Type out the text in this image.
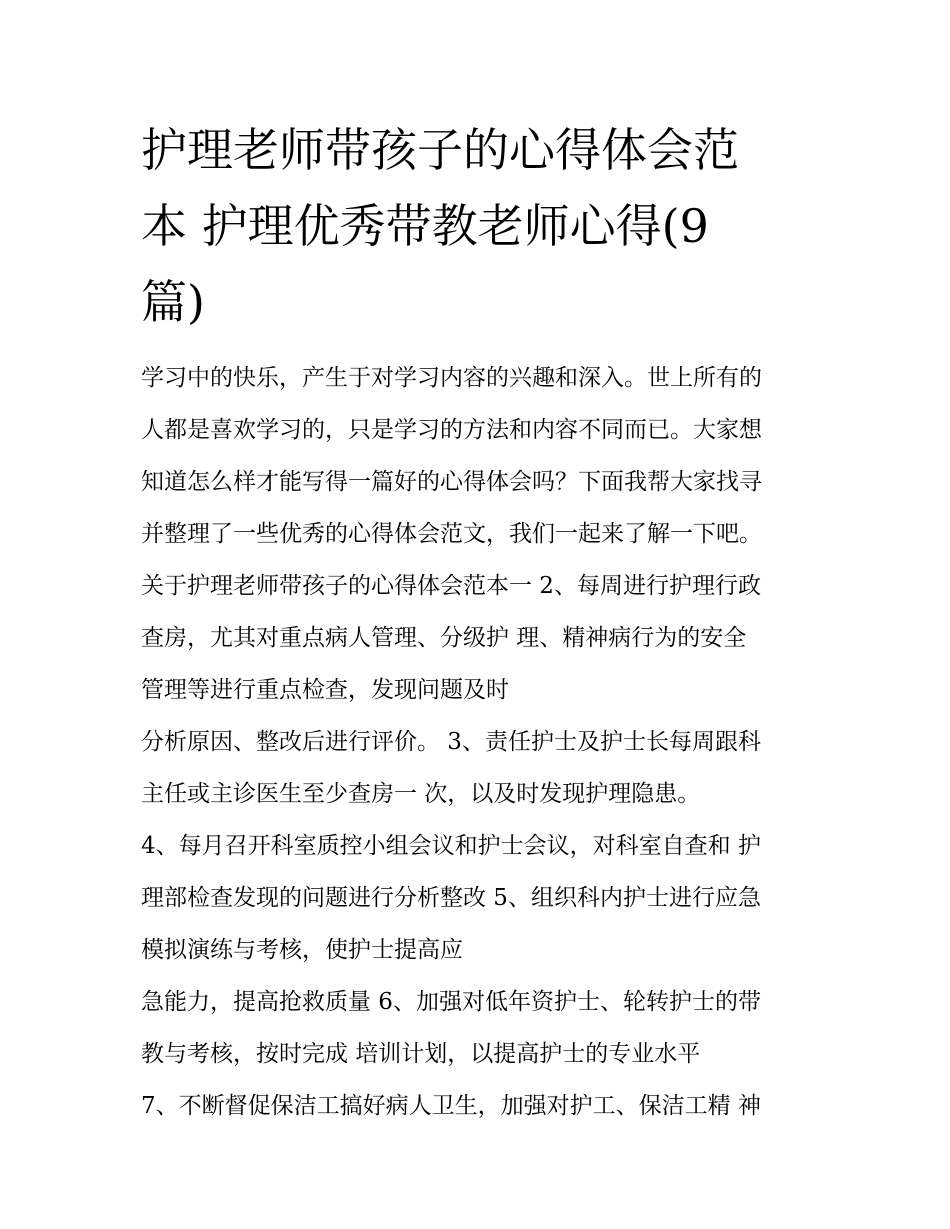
护理老师带孩子的心得体会范
本 护理优秀带教老师心得(9
篇)
学习中的快乐，产生于对学习内容的兴趣和深入。世上所有的
人都是喜欢学习的，只是学习的方法和内容不同而已。大家想
知道怎么样才能写得一篇好的心得体会吗？下面我帮大家找寻
并整理了一些优秀的心得体会范文，我们一起来了解一下吧。
关于护理老师带孩子的心得体会范本一 2、每周进行护理行政
查房，尤其对重点病人管理、分级护 理、精神病行为的安全
管理等进行重点检查，发现问题及时
分析原因、整改后进行评价。 3、责任护士及护士长每周跟科
主任或主诊医生至少查房一 次，以及时发现护理隐患。
4、每月召开科室质控小组会议和护士会议，对科室自查和 护
理部检查发现的问题进行分析整改 5、组织科内护士进行应急
模拟演练与考核，使护士提高应
急能力，提高抢救质量 6、加强对低年资护士、轮转护士的带
教与考核，按时完成 培训计划，以提高护士的专业水平
7、不断督促保洁工搞好病人卫生，加强对护工、保洁工精 神
